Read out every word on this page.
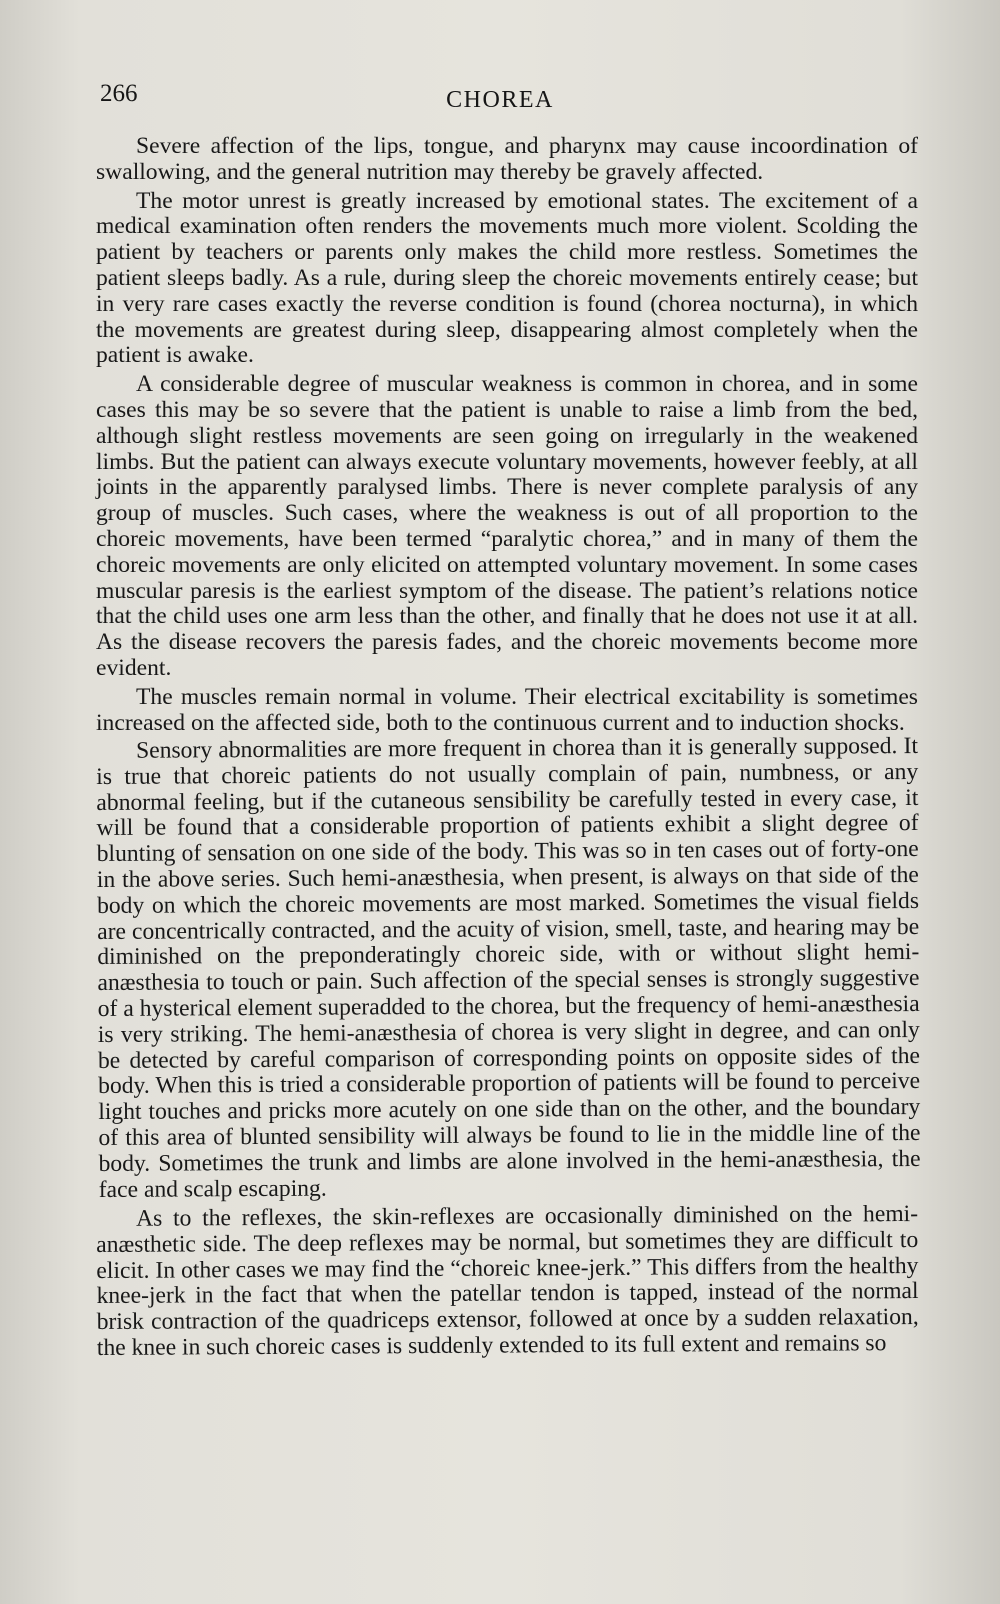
266	CHOREA

Severe affection of the lips, tongue, and pharynx may cause incoordination of swallowing, and the general nutrition may thereby be gravely affected.

The motor unrest is greatly increased by emotional states. The excitement of a medical examination often renders the movements much more violent. Scolding the patient by teachers or parents only makes the child more restless. Sometimes the patient sleeps badly. As a rule, during sleep the choreic movements entirely cease; but in very rare cases exactly the reverse condition is found (chorea nocturna), in which the movements are greatest during sleep, disappearing almost completely when the patient is awake.

A considerable degree of muscular weakness is common in chorea, and in some cases this may be so severe that the patient is unable to raise a limb from the bed, although slight restless movements are seen going on irregularly in the weakened limbs. But the patient can always execute voluntary movements, however feebly, at all joints in the apparently paralysed limbs. There is never complete paralysis of any group of muscles. Such cases, where the weakness is out of all proportion to the choreic movements, have been termed “paralytic chorea,” and in many of them the choreic movements are only elicited on attempted voluntary movement. In some cases muscular paresis is the earliest symptom of the disease. The patient’s relations notice that the child uses one arm less than the other, and finally that he does not use it at all. As the disease recovers the paresis fades, and the choreic movements become more evident.

The muscles remain normal in volume. Their electrical excitability is sometimes increased on the affected side, both to the continuous current and to induction shocks.

Sensory abnormalities are more frequent in chorea than it is generally supposed. It is true that choreic patients do not usually complain of pain, numbness, or any abnormal feeling, but if the cutaneous sensibility be carefully tested in every case, it will be found that a considerable proportion of patients exhibit a slight degree of blunting of sensation on one side of the body. This was so in ten cases out of forty-one in the above series. Such hemi-anæsthesia, when present, is always on that side of the body on which the choreic movements are most marked. Sometimes the visual fields are concentrically contracted, and the acuity of vision, smell, taste, and hearing may be diminished on the preponderatingly choreic side, with or without slight hemi-anæsthesia to touch or pain. Such affection of the special senses is strongly suggestive of a hysterical element superadded to the chorea, but the frequency of hemi-anæsthesia is very striking. The hemi-anæsthesia of chorea is very slight in degree, and can only be detected by careful comparison of corresponding points on opposite sides of the body. When this is tried a considerable proportion of patients will be found to perceive light touches and pricks more acutely on one side than on the other, and the boundary of this area of blunted sensibility will always be found to lie in the middle line of the body. Sometimes the trunk and limbs are alone involved in the hemi-anæsthesia, the face and scalp escaping.

As to the reflexes, the skin-reflexes are occasionally diminished on the hemi-anæsthetic side. The deep reflexes may be normal, but sometimes they are difficult to elicit. In other cases we may find the “choreic knee-jerk.” This differs from the healthy knee-jerk in the fact that when the patellar tendon is tapped, instead of the normal brisk contraction of the quadriceps extensor, followed at once by a sudden relaxation, the knee in such choreic cases is suddenly extended to its full extent and remains so
